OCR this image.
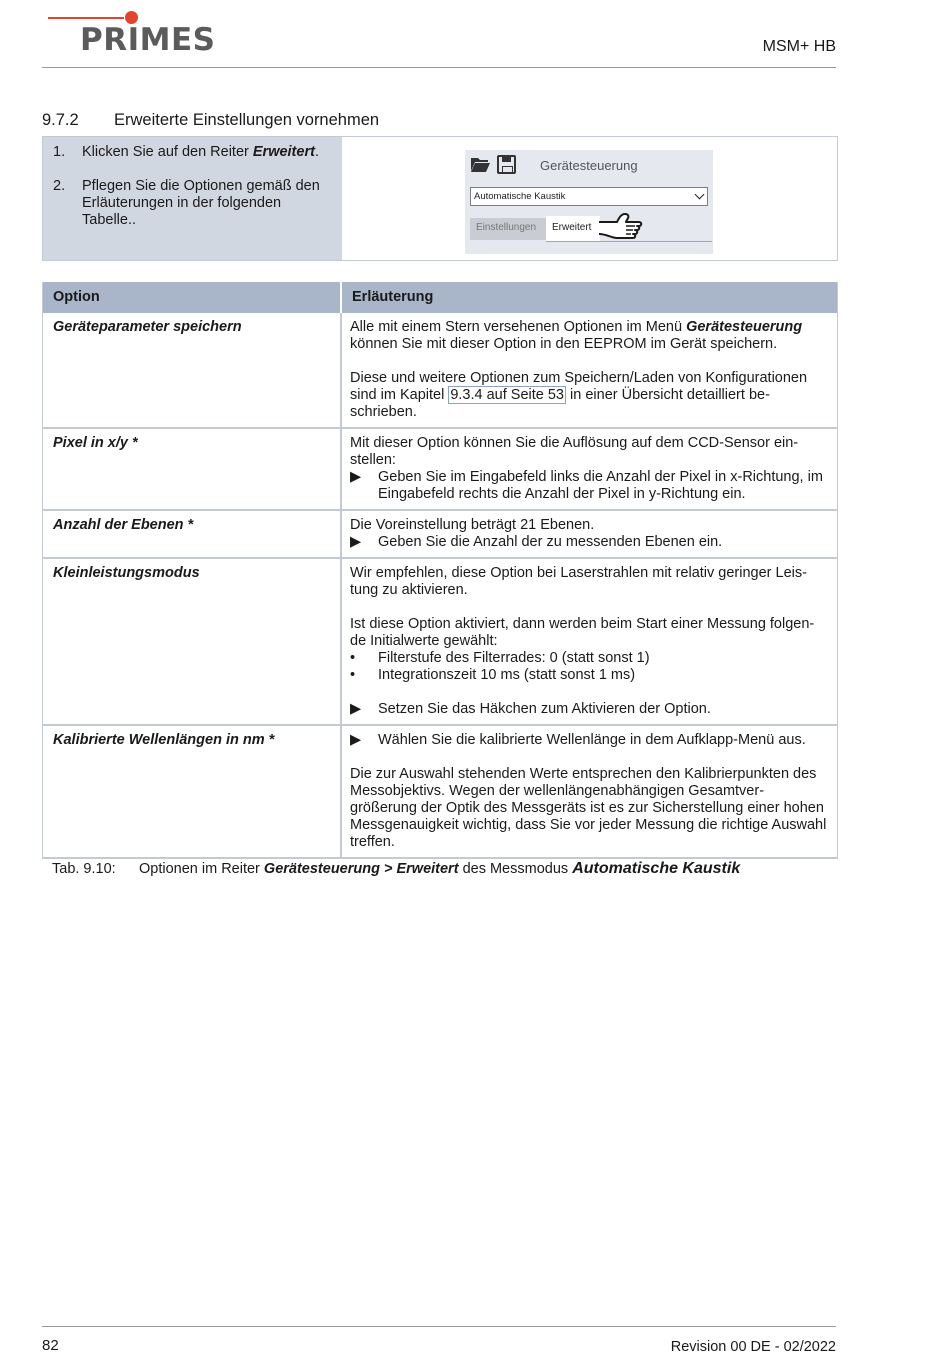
PRIMES	MSM+ HB
9.7.2 Erweiterte Einstellungen vornehmen
1.	Klicken Sie auf den Reiter Erweitert.
2.	Pflegen Sie die Optionen gemäß den Erläuterungen in der folgenden Tabelle..
Gerätesteuerung
Automatische Kaustik
Einstellungen	Erweitert
Option	Erläuterung
Geräteparameter speichern	Alle mit einem Stern versehenen Optionen im Menü Gerätesteuerung können Sie mit dieser Option in den EEPROM im Gerät speichern.
Diese und weitere Optionen zum Speichern/Laden von Konfigurationen sind im Kapitel 9.3.4 auf Seite 53 in einer Übersicht detailliert be-schrieben.
Pixel in x/y *	Mit dieser Option können Sie die Auflösung auf dem CCD-Sensor ein-stellen:
▶	Geben Sie im Eingabefeld links die Anzahl der Pixel in x-Richtung, im Eingabefeld rechts die Anzahl der Pixel in y-Richtung ein.
Anzahl der Ebenen *	Die Voreinstellung beträgt 21 Ebenen.
▶	Geben Sie die Anzahl der zu messenden Ebenen ein.
Kleinleistungsmodus	Wir empfehlen, diese Option bei Laserstrahlen mit relativ geringer Leis-tung zu aktivieren.
Ist diese Option aktiviert, dann werden beim Start einer Messung folgen-de Initialwerte gewählt:
•	Filterstufe des Filterrades: 0 (statt sonst 1)
•	Integrationszeit 10 ms (statt sonst 1 ms)
▶	Setzen Sie das Häkchen zum Aktivieren der Option.
Kalibrierte Wellenlängen in nm *	▶	Wählen Sie die kalibrierte Wellenlänge in dem Aufklapp-Menü aus.
Die zur Auswahl stehenden Werte entsprechen den Kalibrierpunkten des Messobjektivs. Wegen der wellenlängenabhängigen Gesamtver-größerung der Optik des Messgeräts ist es zur Sicherstellung einer hohen Messgenauigkeit wichtig, dass Sie vor jeder Messung die richtige Auswahl treffen.
Tab. 9.10: Optionen im Reiter Gerätesteuerung > Erweitert des Messmodus Automatische Kaustik
82	Revision 00 DE - 02/2022
